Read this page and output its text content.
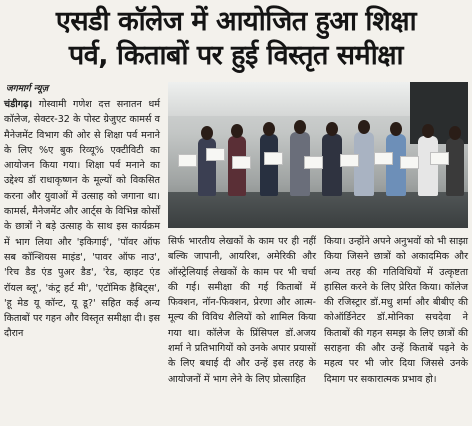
एसडी कॉलेज में आयोजित हुआ शिक्षा
पर्व, किताबों पर हुई विस्तृत समीक्षा
जगमार्ग न्यूज़

चंडीगढ़। गोस्वामी गणेश दत्त सनातन धर्म कॉलेज, सेक्टर-32 के पोस्ट ग्रेजुएट कामर्स व मैनेजमेंट विभाग की ओर से शिक्षा पर्व मनाने के लिए %ए बुक रिव्यू% एक्टीविटी का आयोजन किया गया। शिक्षा पर्व मनाने का उद्देश्य डॉ राधाकृष्णन के मूल्यों को विकसित करना और युवाओं में उत्साह को जगाना था। कामर्स, मैनेजमेंट और आर्ट्स के विभिन्न कोर्सों के छात्रों ने बड़े उत्साह के साथ इस कार्यक्रम में भाग लिया और 'इकिगाई', 'पॉवर ऑफ सब कॉन्शियस माइंड', 'पावर ऑफ नाउ', 'रिच डैड एंड पुअर डैड', 'रेड, व्हाइट एंड रॉयल ब्लू', 'कंट्र हर्ट मी', 'एटॉमिक हैबिट्स', 'हू मेड यू कॉन्ट, यू डू?' सहित कई अन्य किताबों पर गहन और विस्तृत समीक्षा दी। इस दौरान

सिर्फ भारतीय लेखकों के काम पर ही नहीं बल्कि जापानी, आयरिश, अमेरिकी और ऑस्ट्रेलियाई लेखकों के काम पर भी चर्चा की गई। समीक्षा की गई किताबों में फिक्शन, नॉन-फिक्शन, प्रेरणा और आत्म-मूल्य की विविध शैलियों को शामिल किया गया था। कॉलेज के प्रिंसिपल डॉ.अजय शर्मा ने प्रतिभागियों को उनके अपार प्रयासों के लिए बधाई दी और उन्हें इस तरह के आयोजनों में भाग लेने के लिए प्रोत्साहित

किया। उन्होंने अपने अनुभवों को भी साझा किया जिसने छात्रों को अकादमिक और अन्य तरह की गतिविधियों में उत्कृष्टता हासिल करने के लिए प्रेरित किया। कॉलेज की रजिस्ट्रार डॉ.मधु शर्मा और बीबीए की कोऑर्डिनेटर डॉ.मोनिका सचदेवा ने किताबों की गहन समझ के लिए छात्रों की सराहना की और उन्हें किताबें पढ़ने के महत्व पर भी जोर दिया जिससे उनके दिमाग पर सकारात्मक प्रभाव हो।
